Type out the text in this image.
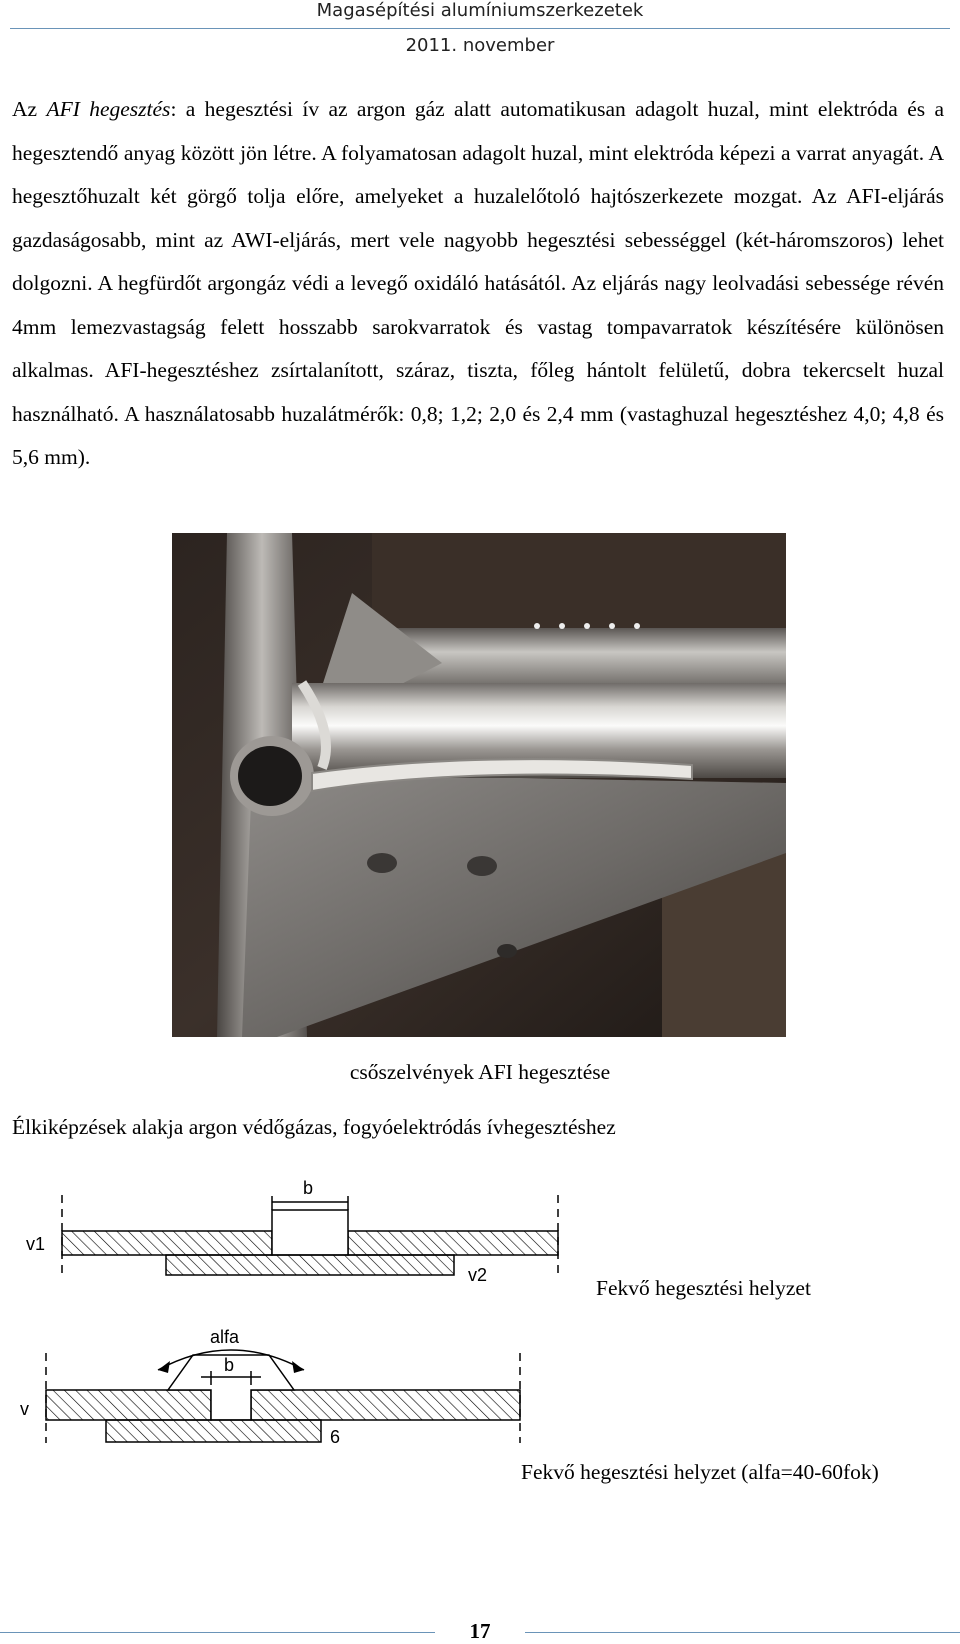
Magasépítési alumíniumszerkezetek
2011. november
Az AFI hegesztés: a hegesztési ív az argon gáz alatt automatikusan adagolt huzal, mint elektróda és a hegesztendő anyag között jön létre. A folyamatosan adagolt huzal, mint elektróda képezi a varrat anyagát. A hegesztőhuzalt két görgő tolja előre, amelyeket a huzalelőtoló hajtószerkezete mozgat. Az AFI-eljárás gazdaságosabb, mint az AWI-eljárás, mert vele nagyobb hegesztési sebességgel (két-háromszoros) lehet dolgozni. A hegfürdőt argongáz védi a levegő oxidáló hatásától. Az eljárás nagy leolvadási sebessége révén 4mm lemezvastagság felett hosszabb sarokvarratok és vastag tompavarratok készítésére különösen alkalmas. AFI-hegesztéshez zsírtalanított, száraz, tiszta, főleg hántolt felületű, dobra tekercselt huzal használható. A használatosabb huzalátmérők: 0,8; 1,2; 2,0 és 2,4 mm (vastaghuzal hegesztéshez 4,0; 4,8 és 5,6 mm).
csőszelvények AFI hegesztése
Élkiképzések alakja argon védőgázas, fogyóelektródás ívhegesztéshez
b
v1
v2
Fekvő hegesztési helyzet
alfa
b
v
6
Fekvő hegesztési helyzet (alfa=40-60fok)
17
